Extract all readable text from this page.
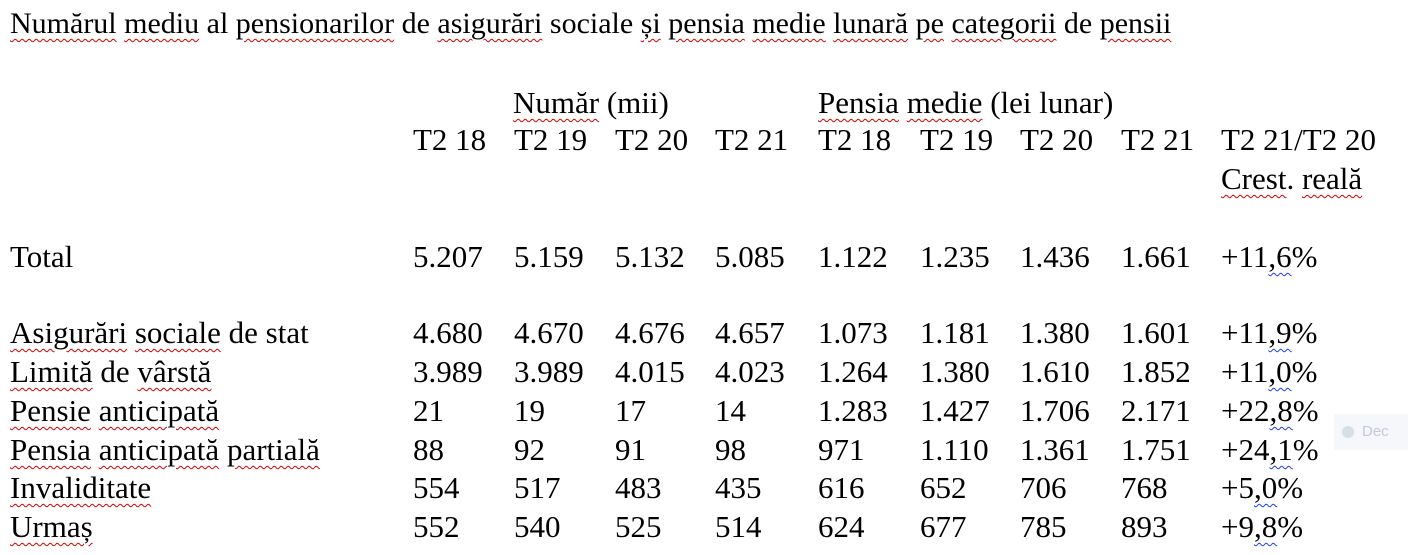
Numărul mediu al pensionarilor de asigurări sociale și pensia medie lunară pe categorii de pensii
Număr (mii)	Pensia medie (lei lunar)
T2 18 T2 19 T2 20 T2 21 T2 18 T2 19 T2 20 T2 21 T2 21/T2 20
Crest. reală
Total	5.207 5.159 5.132 5.085 1.122 1.235 1.436 1.661 +11,6%
Asigurări sociale de stat	4.680 4.670 4.676 4.657 1.073 1.181 1.380 1.601 +11,9%
Limită de vârstă	3.989 3.989 4.015 4.023 1.264 1.380 1.610 1.852 +11,0%
Pensie anticipată	21 19 17 14 1.283 1.427 1.706 2.171 +22,8%
Pensia anticipată partială	88 92 91 98 971 1.110 1.361 1.751 +24,1%
Invaliditate	554 517 483 435 616 652 706 768 +5,0%
Urmaș	552 540 525 514 624 677 785 893 +9,8%
Dec
